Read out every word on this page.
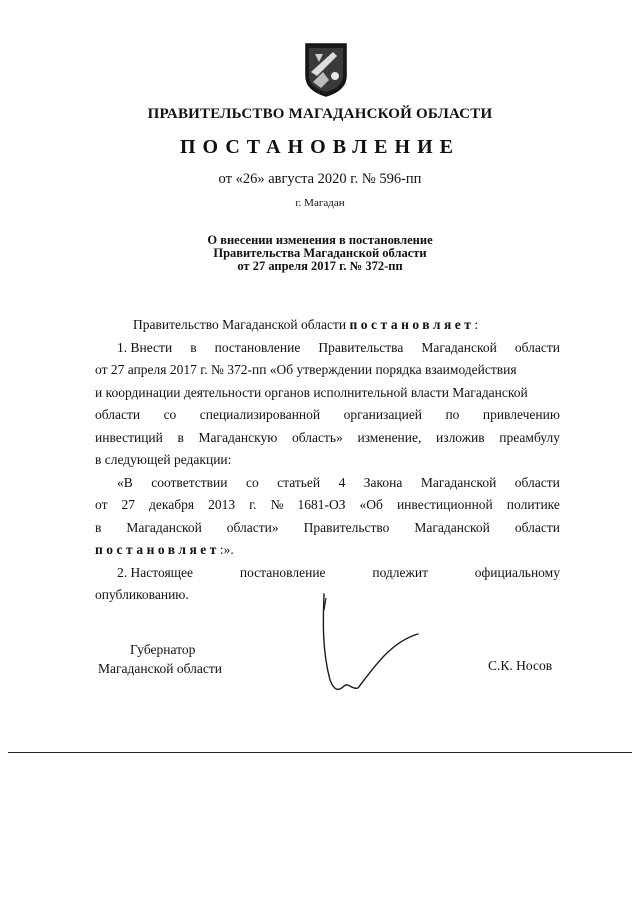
ПРАВИТЕЛЬСТВО МАГАДАНСКОЙ ОБЛАСТИ
ПОСТАНОВЛЕНИЕ
от «26» августа 2020 г. № 596-пп
г. Магадан
О внесении изменения в постановление
Правительства Магаданской области
от 27 апреля 2017 г. № 372-пп
Правительство Магаданской области постановляет:
1. Внести в постановление Правительства Магаданской области
от 27 апреля 2017 г. № 372-пп «Об утверждении порядка взаимодействия
и координации деятельности органов исполнительной власти Магаданской
области со специализированной организацией по привлечению
инвестиций в Магаданскую область» изменение, изложив преамбулу
в следующей редакции:
«В соответствии со статьей 4 Закона Магаданской области
от 27 декабря 2013 г. № 1681-ОЗ «Об инвестиционной политике
в Магаданской области» Правительство Магаданской области
постановляет :».
2. Настоящее	постановление	подлежит	официальному
опубликованию.
Губернатор
Магаданской области	С.К. Носов
